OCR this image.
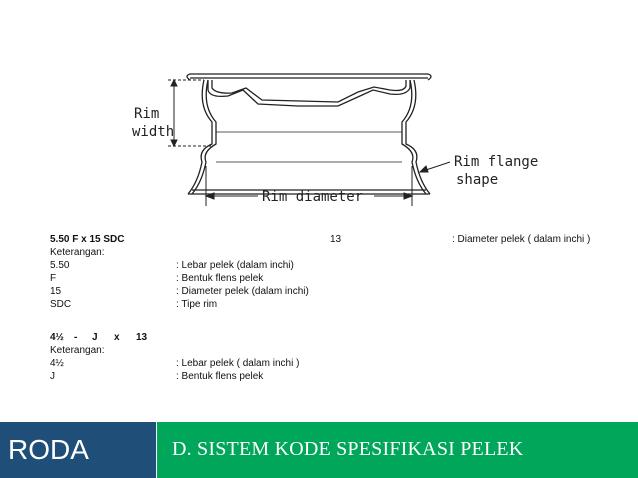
Rim
width
Rim flange
shape
Rim diameter
5.50 F x 15 SDC	13	: Diameter pelek ( dalam inchi )
Keterangan:
5.50	: Lebar pelek (dalam inchi)
F	: Bentuk flens pelek
15	: Diameter pelek (dalam inchi)
SDC	: Tipe rim
4½ - J x 13
Keterangan:
4½	: Lebar pelek ( dalam inchi )
J	: Bentuk flens pelek
RODA	D. SISTEM KODE SPESIFIKASI PELEK
